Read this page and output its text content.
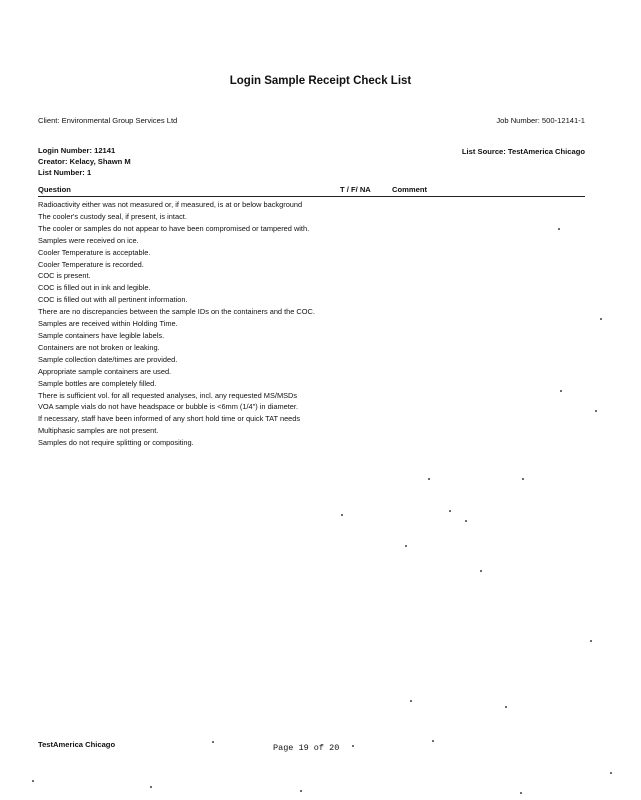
Login Sample Receipt Check List
Client: Environmental Group Services Ltd	Job Number: 500-12141-1
Login Number: 12141	List Source: TestAmerica Chicago
Creator: Kelacy, Shawn M
List Number: 1
Question	T / F/ NA	Comment
Radioactivity either was not measured or, if measured, is at or below background
The cooler's custody seal, if present, is intact.
The cooler or samples do not appear to have been compromised or tampered with.
Samples were received on ice.
Cooler Temperature is acceptable.
Cooler Temperature is recorded.
COC is present.
COC is filled out in ink and legible.
COC is filled out with all pertinent information.
There are no discrepancies between the sample IDs on the containers and the COC.
Samples are received within Holding Time.
Sample containers have legible labels.
Containers are not broken or leaking.
Sample collection date/times are provided.
Appropriate sample containers are used.
Sample bottles are completely filled.
There is sufficient vol. for all requested analyses, incl. any requested MS/MSDs
VOA sample vials do not have headspace or bubble is <6mm (1/4") in diameter.
If necessary, staff have been informed of any short hold time or quick TAT needs
Multiphasic samples are not present.
Samples do not require splitting or compositing.
TestAmerica Chicago	Page 19 of 20
